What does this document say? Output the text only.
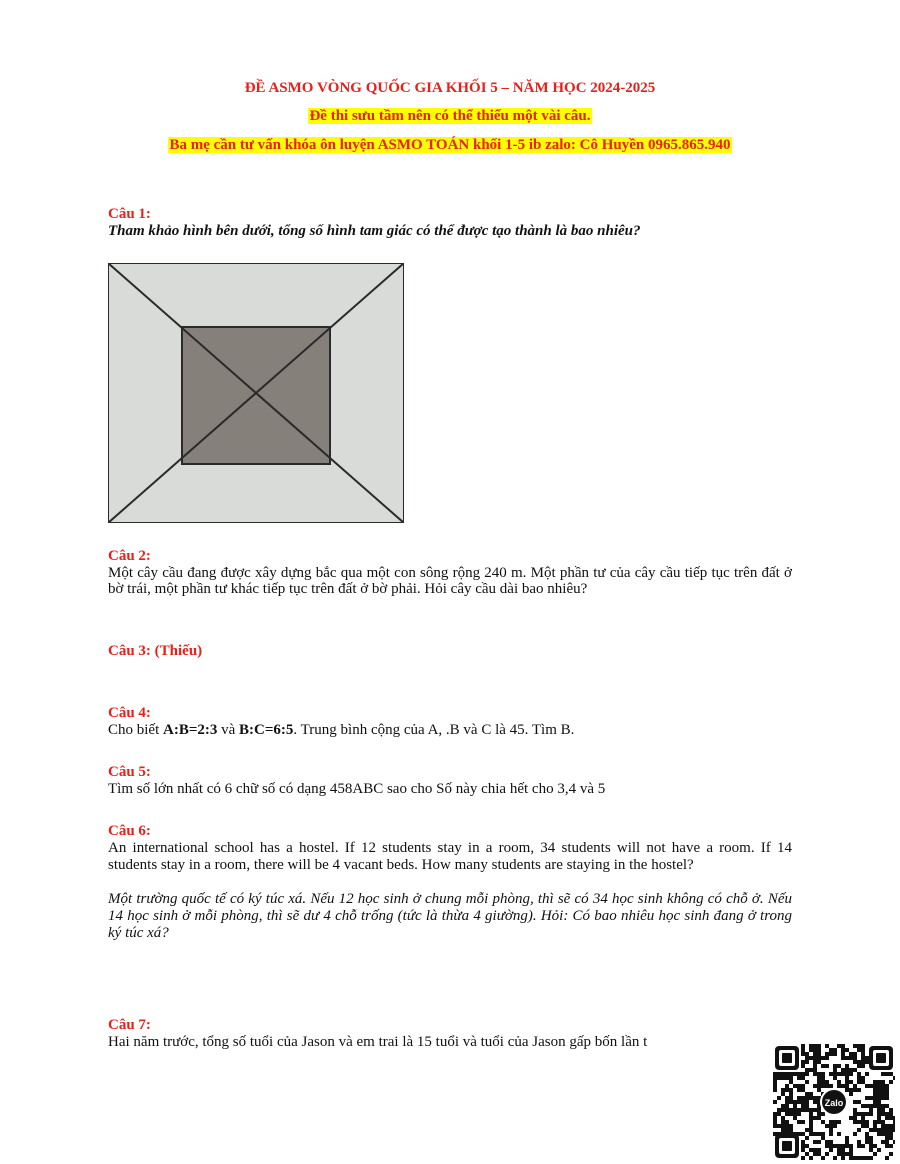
ĐỀ ASMO VÒNG QUỐC GIA KHỐI 5 – NĂM HỌC 2024-2025
Đề thi sưu tầm nên có thể thiếu một vài câu.
Ba mẹ cần tư vấn khóa ôn luyện ASMO TOÁN khối 1-5 ib zalo: Cô Huyền 0965.865.940
Câu 1:
Tham khảo hình bên dưới, tổng số hình tam giác có thể được tạo thành là bao nhiêu?
Câu 2:
Một cây cầu đang được xây dựng bắc qua một con sông rộng 240 m. Một phần tư của cây cầu tiếp tục trên đất ở bờ trái, một phần tư khác tiếp tục trên đất ở bờ phải. Hỏi cây cầu dài bao nhiêu?
Câu 3: (Thiếu)
Câu 4:
Cho biết A:B=2:3 và B:C=6:5. Trung bình cộng của A, .B và C là 45. Tìm B.
Câu 5:
Tìm số lớn nhất có 6 chữ số có dạng 458ABC sao cho Số này chia hết cho 3,4 và 5
Câu 6:
An international school has a hostel. If 12 students stay in a room, 34 students will not have a room. If 14 students stay in a room, there will be 4 vacant beds. How many students are staying in the hostel?
Một trường quốc tế có ký túc xá. Nếu 12 học sinh ở chung mỗi phòng, thì sẽ có 34 học sinh không có chỗ ở. Nếu 14 học sinh ở mỗi phòng, thì sẽ dư 4 chỗ trống (tức là thừa 4 giường). Hỏi: Có bao nhiêu học sinh đang ở trong ký túc xá?
Câu 7:
Hai năm trước, tổng số tuổi của Jason và em trai là 15 tuổi và tuổi của Jason gấp bốn lần t
Zalo
